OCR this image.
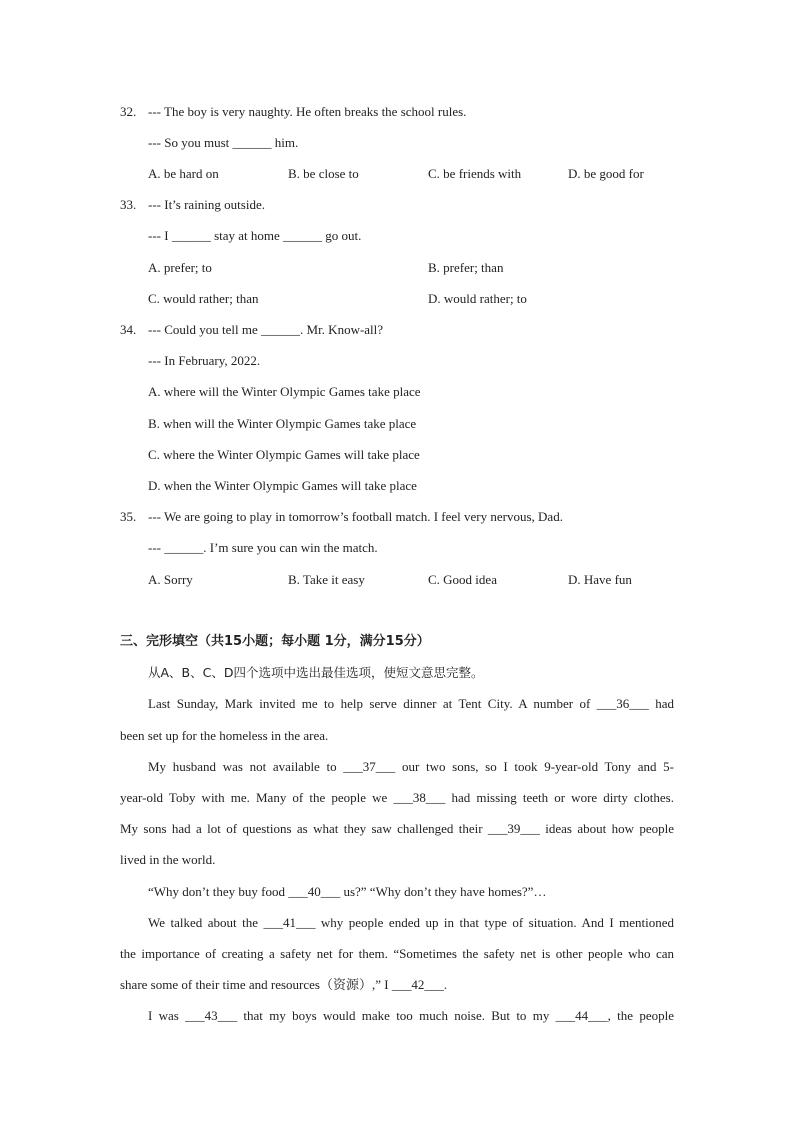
32. --- The boy is very naughty. He often breaks the school rules.
--- So you must ______ him.
A. be hard on	B. be close to	C. be friends with	D. be good for
33. --- It’s raining outside.
--- I ______ stay at home ______ go out.
A. prefer; to	B. prefer; than
C. would rather; than	D. would rather; to
34. --- Could you tell me ______. Mr. Know-all?
--- In February, 2022.
A. where will the Winter Olympic Games take place
B. when will the Winter Olympic Games take place
C. where the Winter Olympic Games will take place
D. when the Winter Olympic Games will take place
35. --- We are going to play in tomorrow’s football match. I feel very nervous, Dad.
--- ______. I’m sure you can win the match.
A. Sorry	B. Take it easy	C. Good idea	D. Have fun
三、完形填空（共15小题；每小题 1分，满分15分）
从A、B、C、D四个选项中选出最佳选项，使短文意思完整。
Last Sunday, Mark invited me to help serve dinner at Tent City. A number of ___36___ had
been set up for the homeless in the area.
My husband was not available to ___37___ our two sons, so I took 9-year-old Tony and 5-
year-old Toby with me. Many of the people we ___38___ had missing teeth or wore dirty clothes.
My sons had a lot of questions as what they saw challenged their ___39___ ideas about how people
lived in the world.
“Why don’t they buy food ___40___ us?” “Why don’t they have homes?”…
We talked about the ___41___ why people ended up in that type of situation. And I mentioned
the importance of creating a safety net for them. “Sometimes the safety net is other people who can
share some of their time and resources（资源）,” I ___42___.
I was ___43___ that my boys would make too much noise. But to my ___44___, the people
